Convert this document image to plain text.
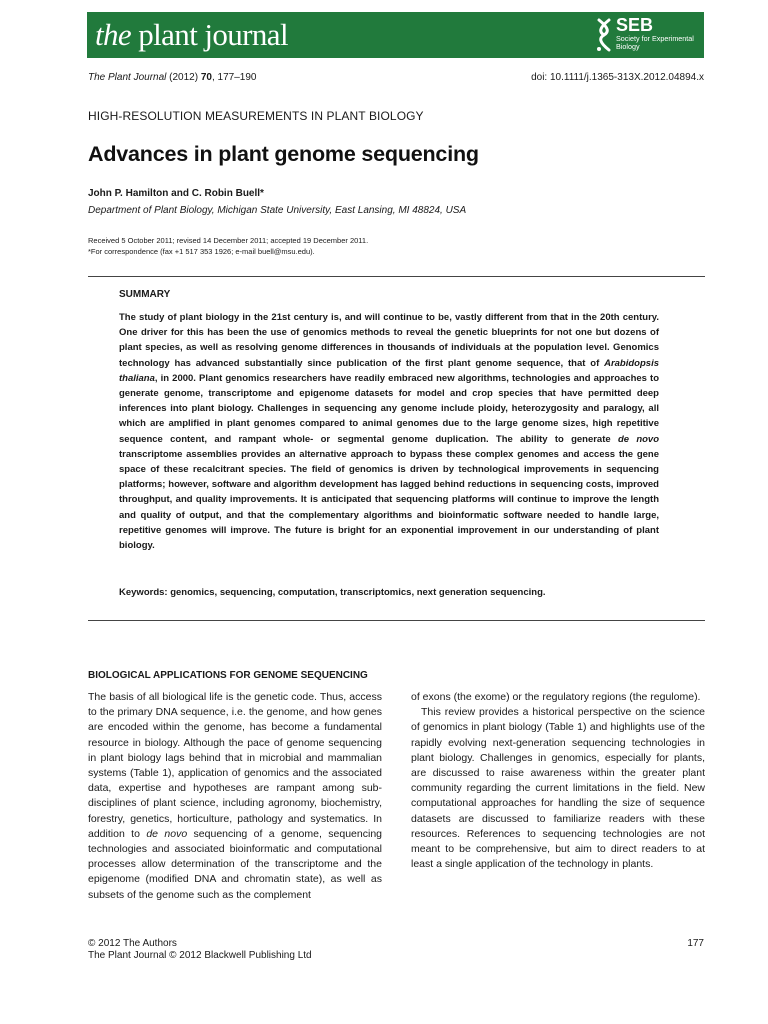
the plant journal	SEB
Society for Experimental Biology
The Plant Journal (2012) 70, 177–190	doi: 10.1111/j.1365-313X.2012.04894.x
HIGH-RESOLUTION MEASUREMENTS IN PLANT BIOLOGY
Advances in plant genome sequencing
John P. Hamilton and C. Robin Buell*
Department of Plant Biology, Michigan State University, East Lansing, MI 48824, USA
Received 5 October 2011; revised 14 December 2011; accepted 19 December 2011.
*For correspondence (fax +1 517 353 1926; e-mail buell@msu.edu).
SUMMARY
The study of plant biology in the 21st century is, and will continue to be, vastly different from that in the 20th century. One driver for this has been the use of genomics methods to reveal the genetic blueprints for not one but dozens of plant species, as well as resolving genome differences in thousands of individuals at the population level. Genomics technology has advanced substantially since publication of the first plant genome sequence, that of Arabidopsis thaliana, in 2000. Plant genomics researchers have readily embraced new algorithms, technologies and approaches to generate genome, transcriptome and epigenome datasets for model and crop species that have permitted deep inferences into plant biology. Challenges in sequencing any genome include ploidy, heterozygosity and paralogy, all which are amplified in plant genomes compared to animal genomes due to the large genome sizes, high repetitive sequence content, and rampant whole- or segmental genome duplication. The ability to generate de novo transcriptome assemblies provides an alternative approach to bypass these complex genomes and access the gene space of these recalcitrant species. The field of genomics is driven by technological improvements in sequencing platforms; however, software and algorithm development has lagged behind reductions in sequencing costs, improved throughput, and quality improvements. It is anticipated that sequencing platforms will continue to improve the length and quality of output, and that the complementary algorithms and bioinformatic software needed to handle large, repetitive genomes will improve. The future is bright for an exponential improvement in our understanding of plant biology.
Keywords: genomics, sequencing, computation, transcriptomics, next generation sequencing.
BIOLOGICAL APPLICATIONS FOR GENOME SEQUENCING

The basis of all biological life is the genetic code. Thus, access to the primary DNA sequence, i.e. the genome, and how genes are encoded within the genome, has become a fundamental resource in biology. Although the pace of genome sequencing in plant biology lags behind that in microbial and mammalian systems (Table 1), application of genomics and the associated data, expertise and hypotheses are rampant among sub-disciplines of plant science, including agronomy, biochemistry, forestry, genetics, horticulture, pathology and systematics. In addition to de novo sequencing of a genome, sequencing technologies and associated bioinformatic and computational processes allow determination of the transcriptome and the epigenome (modified DNA and chromatin state), as well as subsets of the genome such as the complement

of exons (the exome) or the regulatory regions (the regulome).

This review provides a historical perspective on the science of genomics in plant biology (Table 1) and highlights use of the rapidly evolving next-generation sequencing technologies in plant biology. Challenges in genomics, especially for plants, are discussed to raise awareness within the greater plant community regarding the current limitations in the field. New computational approaches for handling the size of sequence datasets are discussed to familiarize readers with these resources. References to sequencing technologies are not meant to be comprehensive, but aim to direct readers to at least a single application of the technology in plants.

© 2012 The Authors
The Plant Journal © 2012 Blackwell Publishing Ltd
177
